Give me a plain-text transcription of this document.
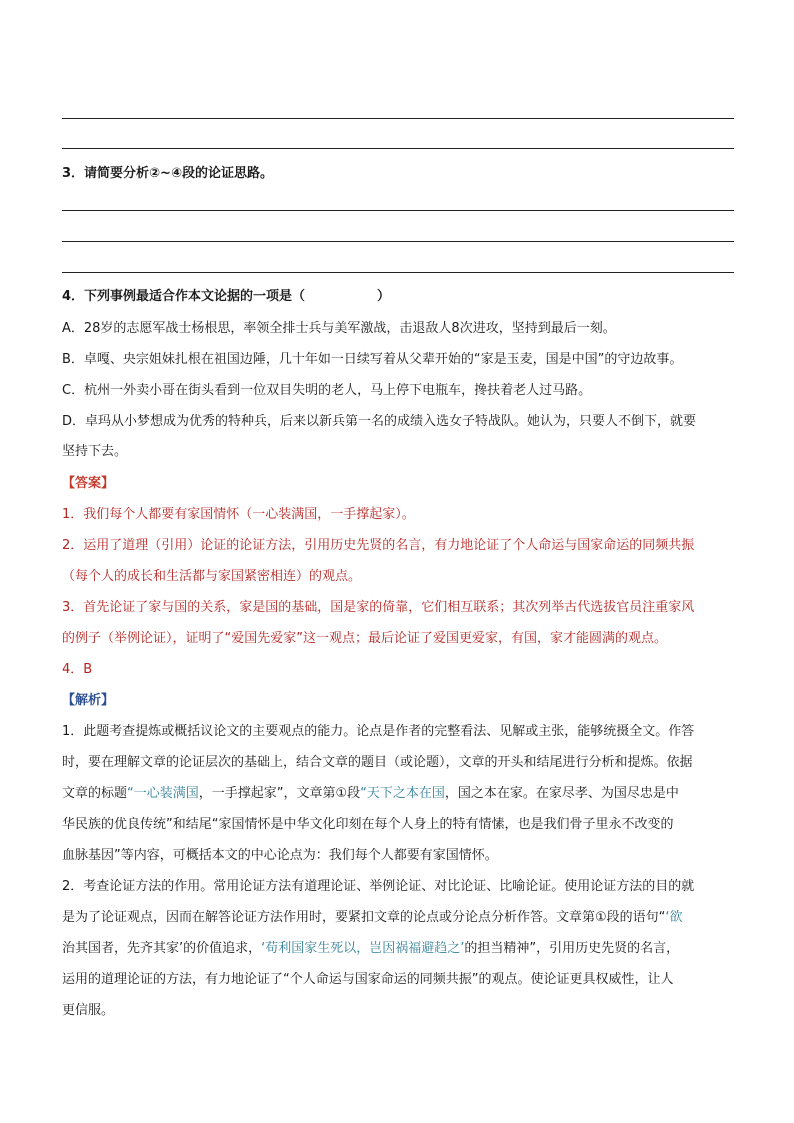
3．请简要分析②~④段的论证思路。
4．下列事例最适合作本文论据的一项是（	）
A．28岁的志愿军战士杨根思，率领全排士兵与美军激战，击退敌人8次进攻，坚持到最后一刻。
B．卓嘎、央宗姐妹扎根在祖国边陲，几十年如一日续写着从父辈开始的“家是玉麦，国是中国”的守边故事。
C．杭州一外卖小哥在街头看到一位双目失明的老人，马上停下电瓶车，搀扶着老人过马路。
D．卓玛从小梦想成为优秀的特种兵，后来以新兵第一名的成绩入选女子特战队。她认为，只要人不倒下，就要
坚持下去。
【答案】
1．我们每个人都要有家国情怀（一心装满国，一手撑起家）。
2．运用了道理（引用）论证的论证方法，引用历史先贤的名言，有力地论证了个人命运与国家命运的同频共振
（每个人的成长和生活都与家国紧密相连）的观点。
3．首先论证了家与国的关系，家是国的基础，国是家的倚靠，它们相互联系；其次列举古代选拔官员注重家风
的例子（举例论证），证明了“爱国先爱家”这一观点；最后论证了爱国更爱家，有国，家才能圆满的观点。
4．B
【解析】
1．此题考查提炼或概括议论文的主要观点的能力。论点是作者的完整看法、见解或主张，能够统摄全文。作答
时，要在理解文章的论证层次的基础上，结合文章的题目（或论题），文章的开头和结尾进行分析和提炼。依据
文章的标题“一心装满国，一手撑起家”，文章第①段“天下之本在国，国之本在家。在家尽孝、为国尽忠是中
华民族的优良传统”和结尾“家国情怀是中华文化印刻在每个人身上的特有情愫，也是我们骨子里永不改变的
血脉基因”等内容，可概括本文的中心论点为：我们每个人都要有家国情怀。
2．考查论证方法的作用。常用论证方法有道理论证、举例论证、对比论证、比喻论证。使用论证方法的目的就
是为了论证观点，因而在解答论证方法作用时，要紧扣文章的论点或分论点分析作答。文章第①段的语句“‘欲
治其国者，先齐其家’的价值追求，‘苟利国家生死以，岂因祸福避趋之’的担当精神”，引用历史先贤的名言，
运用的道理论证的方法，有力地论证了“个人命运与国家命运的同频共振”的观点。使论证更具权威性，让人
更信服。
